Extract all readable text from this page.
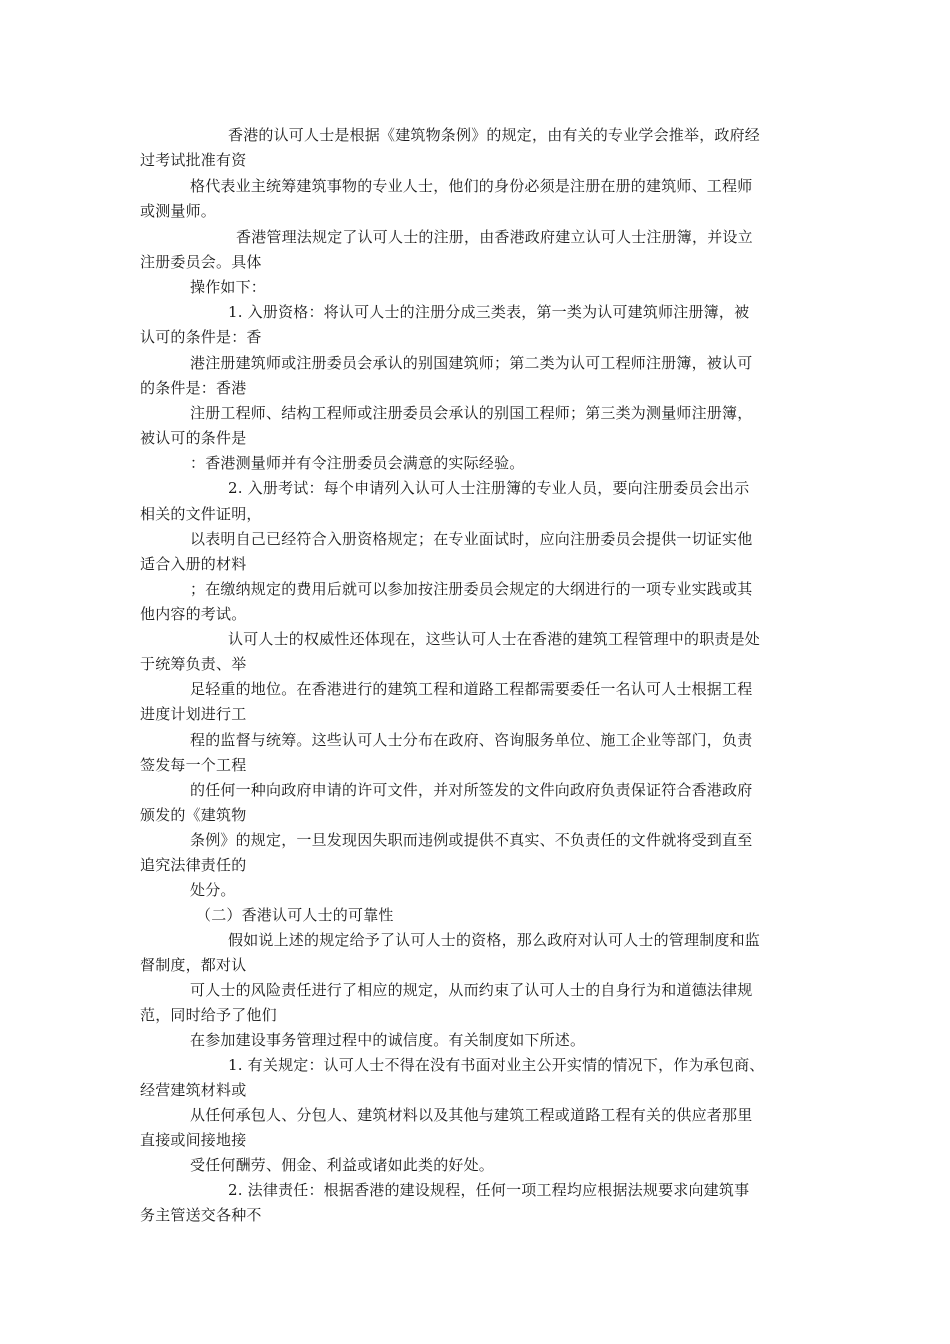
香港的认可人士是根据《建筑物条例》的规定，由有关的专业学会推举，政府经
过考试批准有资
格代表业主统筹建筑事物的专业人士，他们的身份必须是注册在册的建筑师、工程师
或测量师。
香港管理法规定了认可人士的注册，由香港政府建立认可人士注册簿，并设立
注册委员会。具体
操作如下：
1. 入册资格：将认可人士的注册分成三类表，第一类为认可建筑师注册簿，被
认可的条件是：香
港注册建筑师或注册委员会承认的别国建筑师；第二类为认可工程师注册簿，被认可
的条件是：香港
注册工程师、结构工程师或注册委员会承认的别国工程师；第三类为测量师注册簿，
被认可的条件是
：香港测量师并有令注册委员会满意的实际经验。
2. 入册考试：每个申请列入认可人士注册簿的专业人员，要向注册委员会出示
相关的文件证明，
以表明自己已经符合入册资格规定；在专业面试时，应向注册委员会提供一切证实他
适合入册的材料
；在缴纳规定的费用后就可以参加按注册委员会规定的大纲进行的一项专业实践或其
他内容的考试。
认可人士的权威性还体现在，这些认可人士在香港的建筑工程管理中的职责是处
于统筹负责、举
足轻重的地位。在香港进行的建筑工程和道路工程都需要委任一名认可人士根据工程
进度计划进行工
程的监督与统筹。这些认可人士分布在政府、咨询服务单位、施工企业等部门，负责
签发每一个工程
的任何一种向政府申请的许可文件，并对所签发的文件向政府负责保证符合香港政府
颁发的《建筑物
条例》的规定，一旦发现因失职而违例或提供不真实、不负责任的文件就将受到直至
追究法律责任的
处分。
（二）香港认可人士的可靠性
假如说上述的规定给予了认可人士的资格，那么政府对认可人士的管理制度和监
督制度，都对认
可人士的风险责任进行了相应的规定，从而约束了认可人士的自身行为和道德法律规
范，同时给予了他们
在参加建设事务管理过程中的诚信度。有关制度如下所述。
1. 有关规定：认可人士不得在没有书面对业主公开实情的情况下，作为承包商、
经营建筑材料或
从任何承包人、分包人、建筑材料以及其他与建筑工程或道路工程有关的供应者那里
直接或间接地接
受任何酬劳、佣金、利益或诸如此类的好处。
2. 法律责任：根据香港的建设规程，任何一项工程均应根据法规要求向建筑事
务主管送交各种不
